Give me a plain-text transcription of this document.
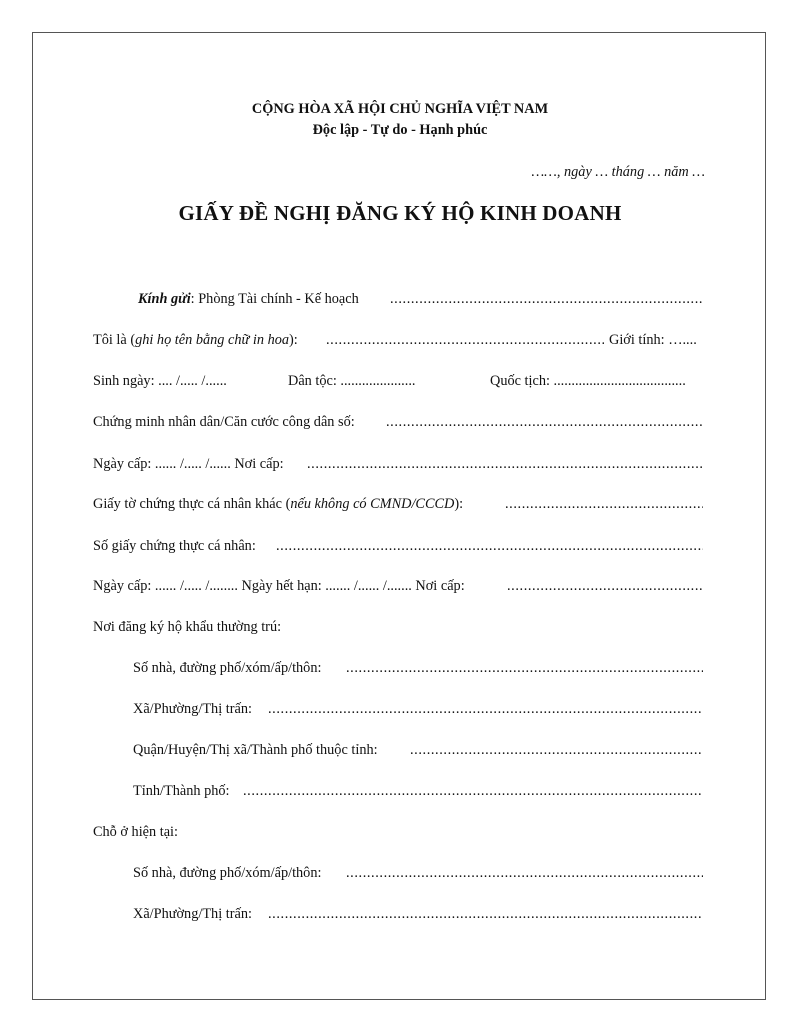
CỘNG HÒA XÃ HỘI CHỦ NGHĨA VIỆT NAM
Độc lập - Tự do - Hạnh phúc
……, ngày … tháng … năm …
GIẤY ĐỀ NGHỊ ĐĂNG KÝ HỘ KINH DOANH
Kính gửi: Phòng Tài chính - Kế hoạch
.....
Tôi là (ghi họ tên bằng chữ in hoa):
.....	Giới tính: …....
Sinh ngày: .... /..... /......	Dân tộc: .....................	Quốc tịch: .....................................
Chứng minh nhân dân/Căn cước công dân số:
.....
Ngày cấp: ...... /..... /...... Nơi cấp:
.....
Giấy tờ chứng thực cá nhân khác (nếu không có CMND/CCCD):
.....
Số giấy chứng thực cá nhân:
.....
Ngày cấp: ...... /..... /........ Ngày hết hạn: ....... /...... /....... Nơi cấp:
.....
Nơi đăng ký hộ khẩu thường trú:
Số nhà, đường phố/xóm/ấp/thôn:
.....
Xã/Phường/Thị trấn:
.....
Quận/Huyện/Thị xã/Thành phố thuộc tỉnh:
.....
Tỉnh/Thành phố:
.....
Chỗ ở hiện tại:
Số nhà, đường phố/xóm/ấp/thôn:
.....
Xã/Phường/Thị trấn:
.....
